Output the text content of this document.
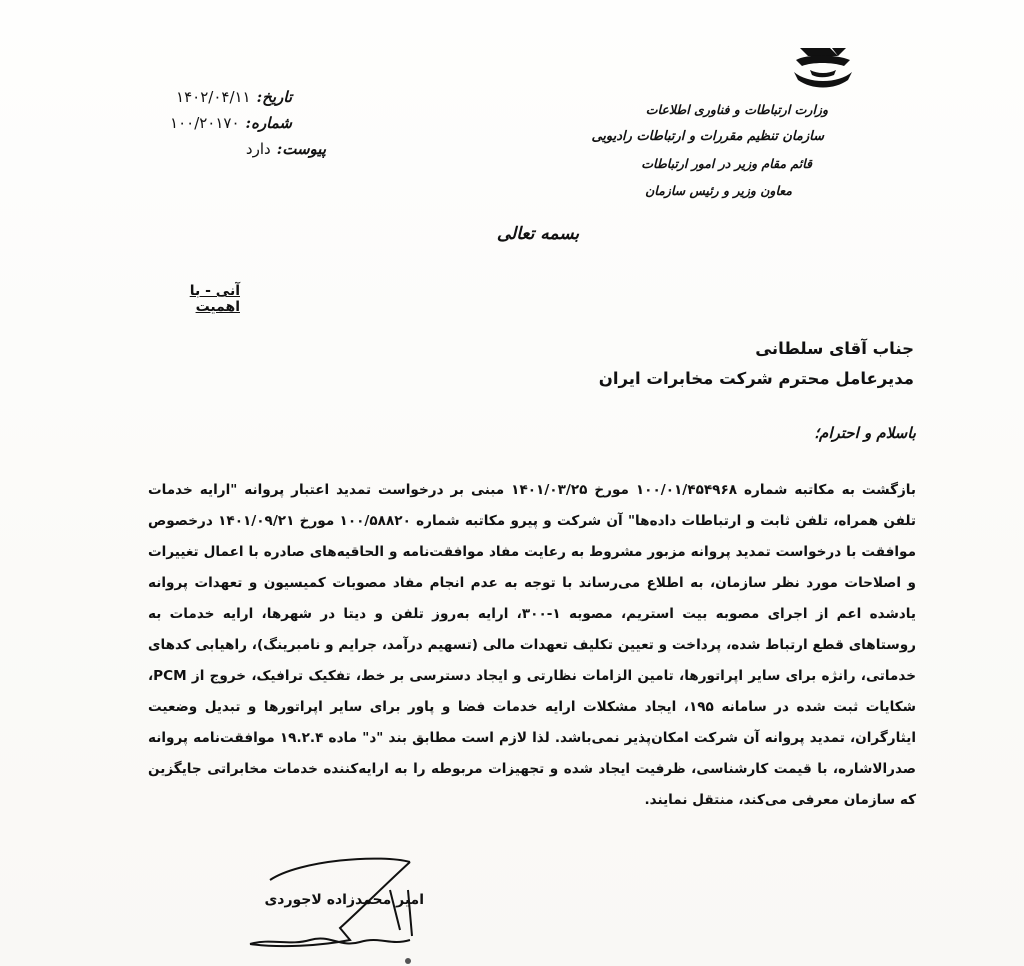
تاریخ:
۱۴۰۲/۰۴/۱۱
شماره:
۱۰۰/۲۰۱۷۰
پیوست:
دارد
وزارت ارتباطات و فناوری اطلاعات
سازمان تنظیم مقررات و ارتباطات رادیویی
قائم مقام وزیر در امور ارتباطات
معاون وزیر و رئیس سازمان
بسمه تعالی
آنی - با اهمیت
جناب آقای سلطانی
مدیرعامل محترم شرکت مخابرات ایران
باسلام و احترام؛
بازگشت به مکاتبه شماره ۱۰۰/۰۱/۴۵۴۹۶۸ مورخ ۱۴۰۱/۰۳/۲۵ مبنی بر درخواست تمدید اعتبار پروانه "ارایه خدمات تلفن همراه، تلفن ثابت و ارتباطات داده‌ها" آن شرکت و پیرو مکاتبه شماره ۱۰۰/۵۸۸۲۰ مورخ ۱۴۰۱/۰۹/۲۱ درخصوص موافقت با درخواست تمدید پروانه مزبور مشروط به رعایت مفاد موافقت‌نامه و الحاقیه‌های صادره با اعمال تغییرات و اصلاحات مورد نظر سازمان، به اطلاع می‌رساند با توجه به عدم انجام مفاد مصوبات کمیسیون و تعهدات پروانه یادشده اعم از اجرای مصوبه بیت استریم، مصوبه ۱-۳۰۰، ارایه به‌روز تلفن و دیتا در شهرها، ارایه خدمات به روستاهای قطع ارتباط شده، پرداخت و تعیین تکلیف تعهدات مالی (تسهیم درآمد، جرایم و نامبرینگ)، راهیابی کدهای خدماتی، رانژه برای سایر اپراتورها، تامین الزامات نظارتی و ایجاد دسترسی بر خط، تفکیک ترافیک، خروج از PCM، شکایات ثبت شده در سامانه ۱۹۵، ایجاد مشکلات ارایه خدمات فضا و پاور برای سایر اپراتورها و تبدیل وضعیت ایثارگران، تمدید پروانه آن شرکت امکان‌پذیر نمی‌باشد. لذا لازم است مطابق بند "د" ماده ۱۹.۲.۴ موافقت‌نامه پروانه صدرالاشاره، با قیمت کارشناسی، ظرفیت ایجاد شده و تجهیزات مربوطه را به ارایه‌کننده خدمات مخابراتی جایگزین که سازمان معرفی می‌کند، منتقل نمایند.
امیر محمدزاده لاجوردی
